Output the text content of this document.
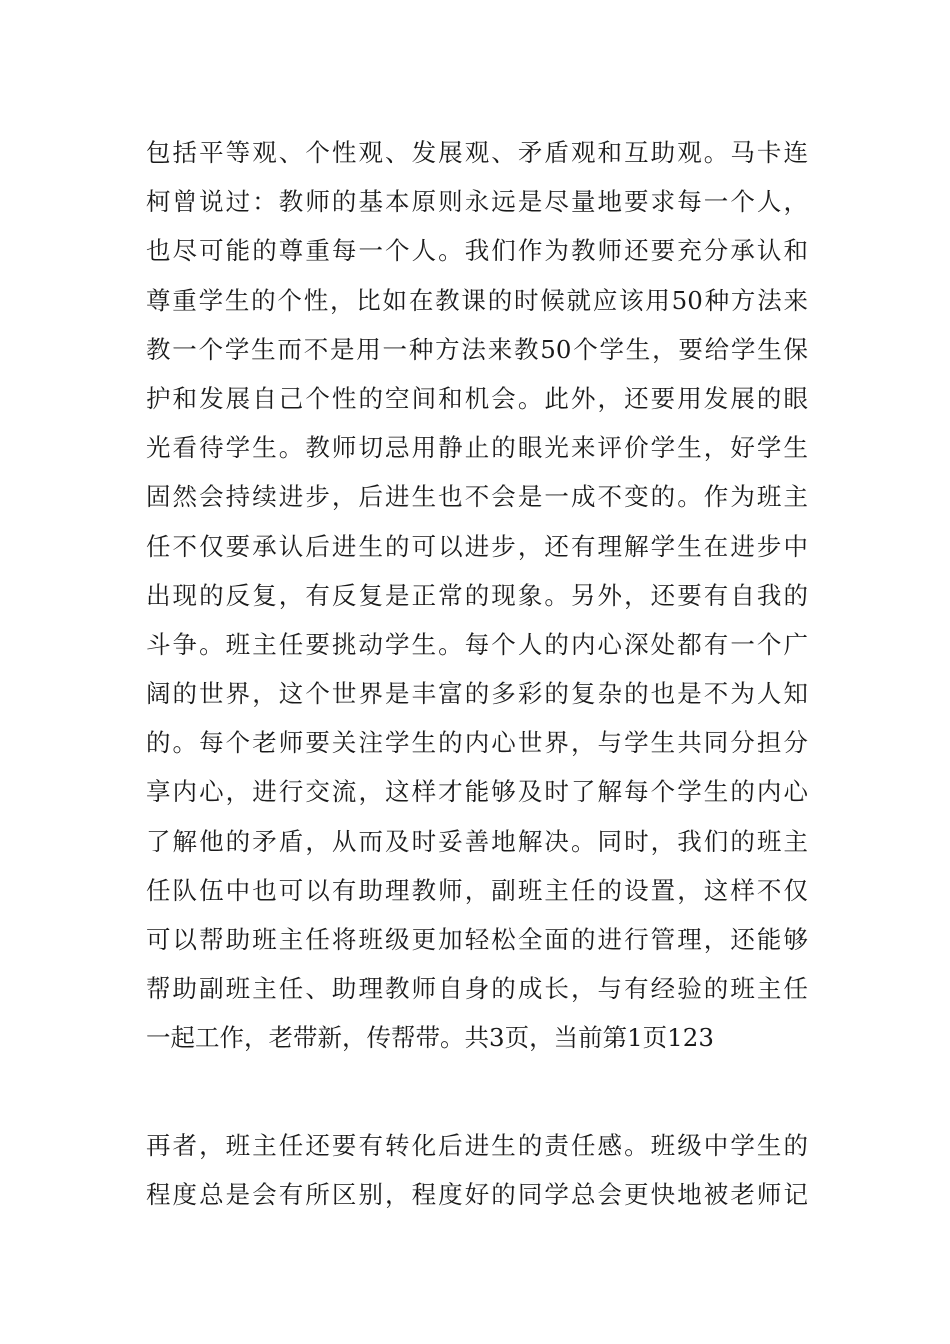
包括平等观、个性观、发展观、矛盾观和互助观。马卡连
柯曾说过：教师的基本原则永远是尽量地要求每一个人，
也尽可能的尊重每一个人。我们作为教师还要充分承认和
尊重学生的个性，比如在教课的时候就应该用50种方法来
教一个学生而不是用一种方法来教50个学生，要给学生保
护和发展自己个性的空间和机会。此外，还要用发展的眼
光看待学生。教师切忌用静止的眼光来评价学生，好学生
固然会持续进步，后进生也不会是一成不变的。作为班主
任不仅要承认后进生的可以进步，还有理解学生在进步中
出现的反复，有反复是正常的现象。另外，还要有自我的
斗争。班主任要挑动学生。每个人的内心深处都有一个广
阔的世界，这个世界是丰富的多彩的复杂的也是不为人知
的。每个老师要关注学生的内心世界，与学生共同分担分
享内心，进行交流，这样才能够及时了解每个学生的内心
了解他的矛盾，从而及时妥善地解决。同时，我们的班主
任队伍中也可以有助理教师，副班主任的设置，这样不仅
可以帮助班主任将班级更加轻松全面的进行管理，还能够
帮助副班主任、助理教师自身的成长，与有经验的班主任
一起工作，老带新，传帮带。共3页，当前第1页123
再者，班主任还要有转化后进生的责任感。班级中学生的
程度总是会有所区别，程度好的同学总会更快地被老师记
